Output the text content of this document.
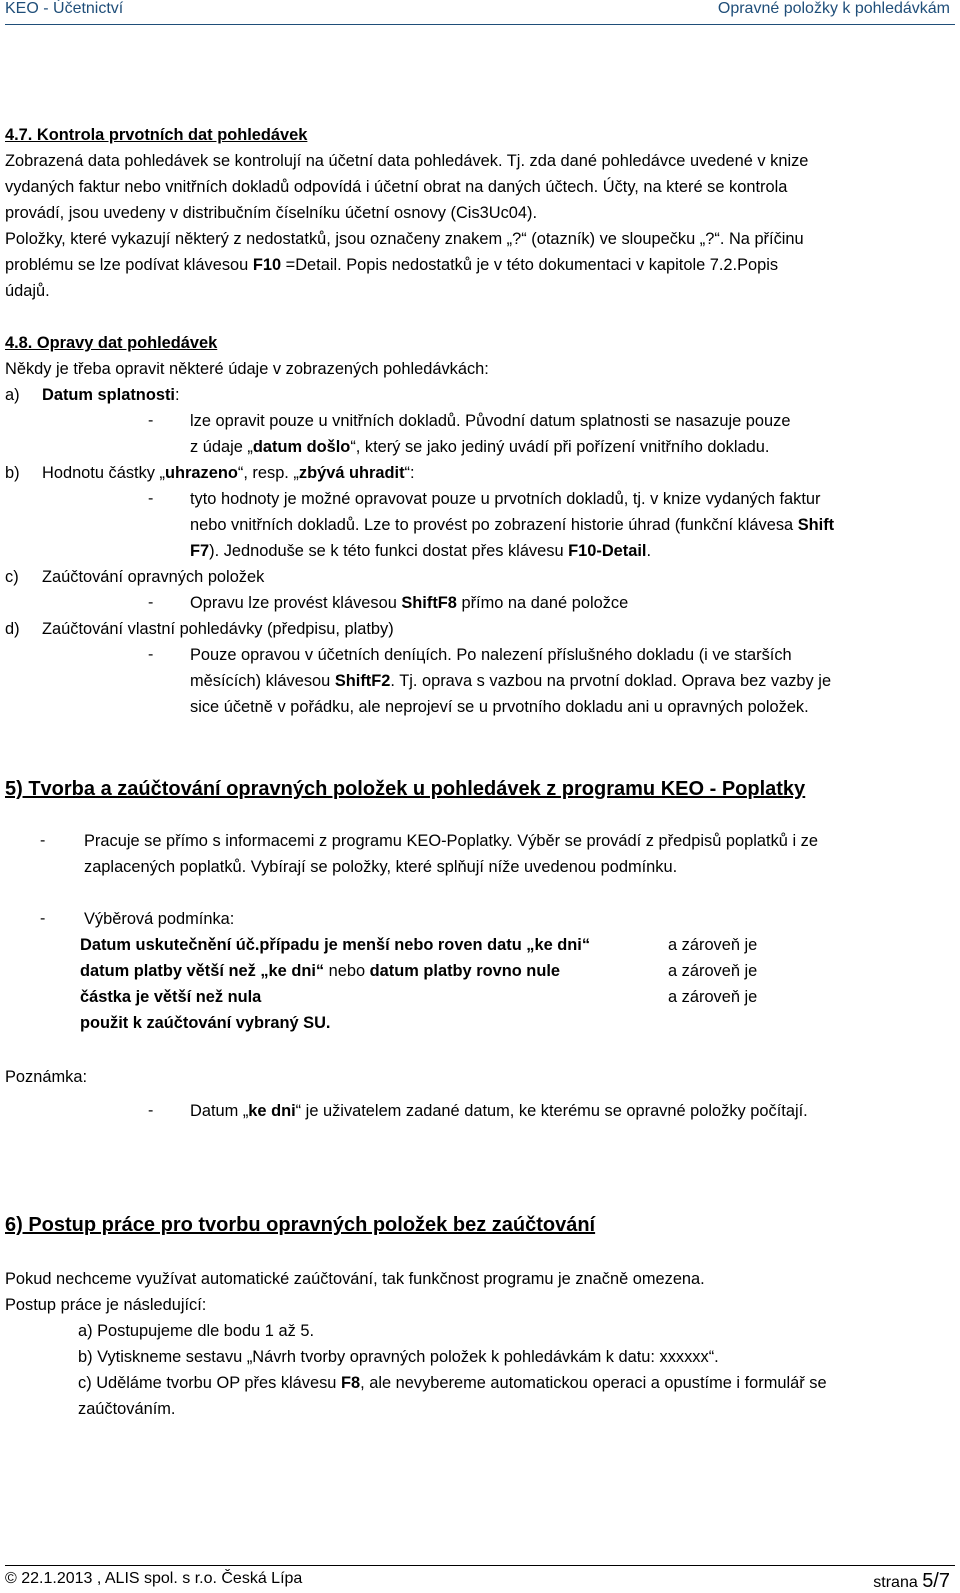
KEO - Účetnictví	Opravné položky k pohledávkám
4.7. Kontrola prvotních dat pohledávek
Zobrazená data pohledávek se kontrolují na účetní data pohledávek. Tj. zda dané pohledávce uvedené v knize
vydaných faktur nebo vnitřních dokladů odpovídá i účetní obrat na daných účtech. Účty, na které se kontrola
provádí, jsou uvedeny v distribučním číselníku účetní osnovy (Cis3Uc04).
Položky, které vykazují některý z nedostatků, jsou označeny znakem „?“ (otazník) ve sloupečku „?“. Na příčinu
problému se lze podívat klávesou F10 =Detail. Popis nedostatků je v této dokumentaci v kapitole 7.2.Popis
údajů.
4.8. Opravy dat pohledávek
Někdy je třeba opravit některé údaje v zobrazených pohledávkách:
a) Datum splatnosti:
- lze opravit pouze u vnitřních dokladů. Původní datum splatnosti se nasazuje pouze
z údaje „datum došlo“, který se jako jediný uvádí při pořízení vnitřního dokladu.
b) Hodnotu částky „uhrazeno“, resp. „zbývá uhradit“:
- tyto hodnoty je možné opravovat pouze u prvotních dokladů, tj. v knize vydaných faktur
nebo vnitřních dokladů. Lze to provést po zobrazení historie úhrad (funkční klávesa Shift
F7). Jednoduše se k této funkci dostat přes klávesu F10-Detail.
c) Zaúčtování opravných položek
- Opravu lze provést klávesou ShiftF8 přímo na dané položce
d) Zaúčtování vlastní pohledávky (předpisu, platby)
- Pouze opravou v účetních deníцích. Po nalezení příslušného dokladu (i ve starších
měsících) klávesou ShiftF2. Tj. oprava s vazbou na prvotní doklad. Oprava bez vazby je
sice účetně v pořádku, ale neprojeví se u prvotního dokladu ani u opravných položek.
5) Tvorba a zaúčtování opravných položek u pohledávek z programu KEO - Poplatky
- Pracuje se přímo s informacemi z programu KEO-Poplatky. Výběr se provádí z předpisů poplatků i ze
zaplacených poplatků. Vybírají se položky, které splňují níže uvedenou podmínku.
- Výběrová podmínka:
Datum uskutečnění úč.případu je menší nebo roven datu „ke dni“	a zároveň je
datum platby větší než „ke dni“ nebo datum platby rovno nule	a zároveň je
částka je větší než nula	a zároveň je
použit k zaúčtování vybraný SU.
Poznámka:
- Datum „ke dni“ je uživatelem zadané datum, ke kterému se opravné položky počítají.
6) Postup práce pro tvorbu opravných položek bez zaúčtování
Pokud nechceme využívat automatické zaúčtování, tak funkčnost programu je značně omezena.
Postup práce je následující:
a) Postupujeme dle bodu 1 až 5.
b) Vytiskneme sestavu „Návrh tvorby opravných položek k pohledávkám k datu: xxxxxx“.
c) Uděláme tvorbu OP přes klávesu F8, ale nevybereme automatickou operaci a opustíme i formulář se
zaúčtováním.
© 22.1.2013 , ALIS spol. s r.o. Česká Lípa	strana 5/7
